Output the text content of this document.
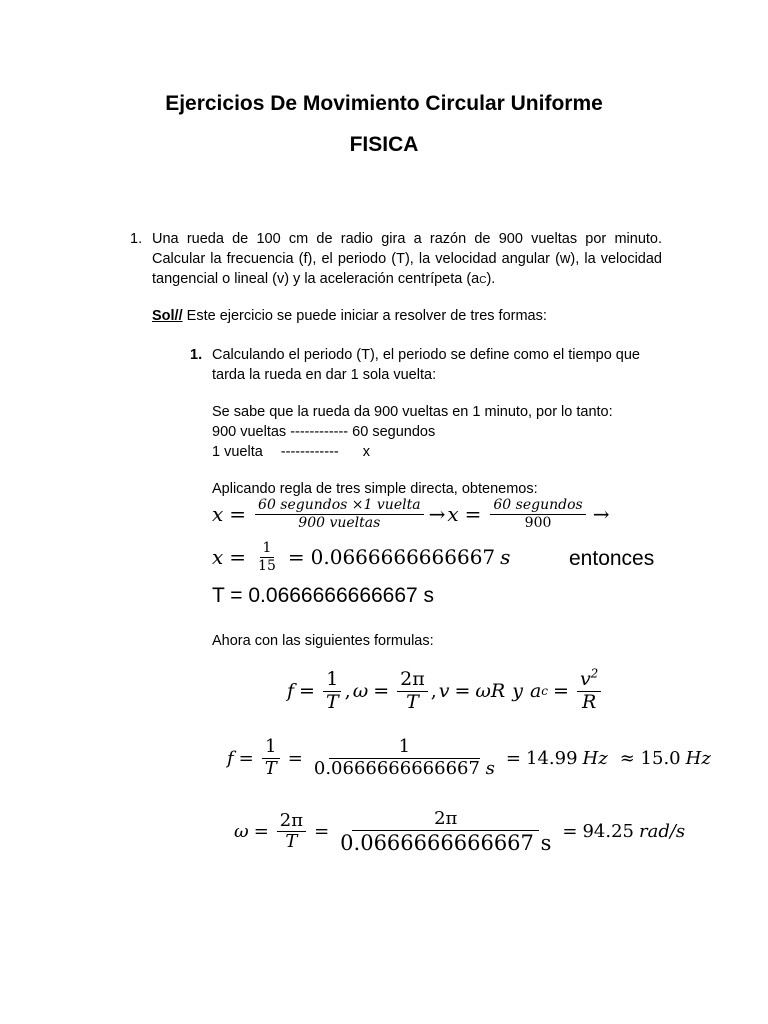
Ejercicios De Movimiento Circular Uniforme
FISICA
1. Una rueda de 100 cm de radio gira a razón de 900 vueltas por minuto.
Calcular la frecuencia (f), el periodo (T), la velocidad angular (w), la velocidad
tangencial o lineal (v) y la aceleración centrípeta (aC).
Sol// Este ejercicio se puede iniciar a resolver de tres formas:
1. Calculando el periodo (T), el periodo se define como el tiempo que
tarda la rueda en dar 1 sola vuelta:
Se sabe que la rueda da 900 vueltas en 1 minuto, por lo tanto:
900 vueltas ------------ 60 segundos
1 vuelta ------------ x
Aplicando regla de tres simple directa, obtenemos:
$x = \frac{\text{60 segundos ×1 vuelta}}{\text{900 vueltas}} \to x = \frac{\text{60 segundos}}{900}$ →
$x = \frac{1}{15} = 0.0666666666667$ s	entonces
T = 0.0666666666667 s
Ahora con las siguientes formulas:
$f = \frac{1}{T}$ , $\omega = \frac{2\pi}{T}$ , v = ωR y a $c = \frac{v^2}{R}$
$f = \frac{1}{T} = \frac{1}{0.0666666666667 s} = 14.99$ Hz ≈ 15.0 Hz
$\omega = \frac{2\pi}{T} = \frac{2\pi}{0.0666666666667 s} = 94.25$ rad/s
